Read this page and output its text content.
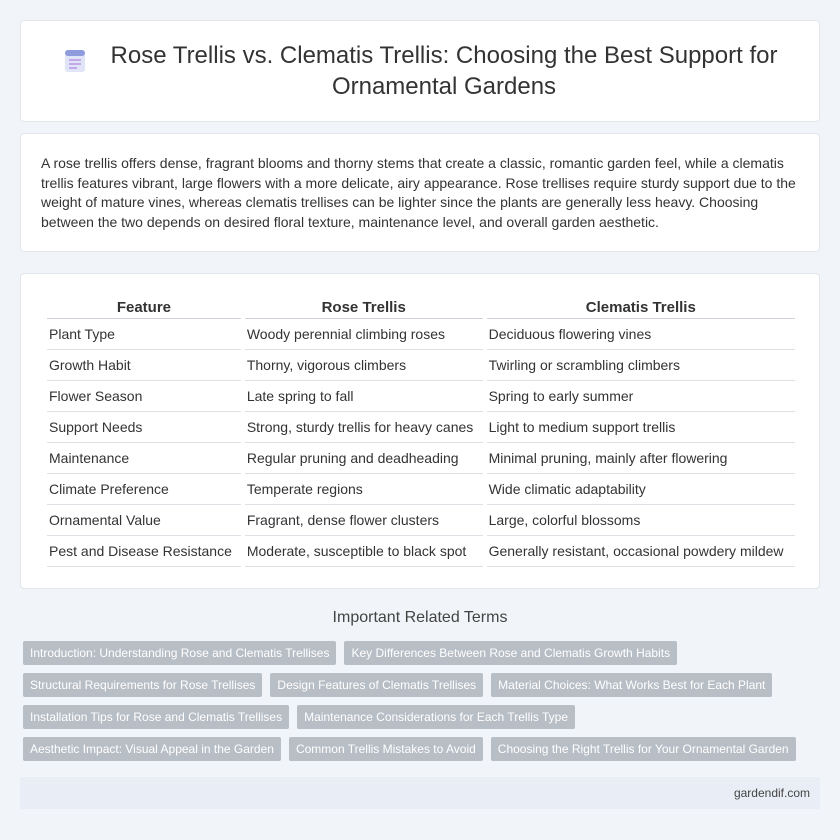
Rose Trellis vs. Clematis Trellis: Choosing the Best Support for Ornamental Gardens

A rose trellis offers dense, fragrant blooms and thorny stems that create a classic, romantic garden feel, while a clematis trellis features vibrant, large flowers with a more delicate, airy appearance. Rose trellises require sturdy support due to the weight of mature vines, whereas clematis trellises can be lighter since the plants are generally less heavy. Choosing between the two depends on desired floral texture, maintenance level, and overall garden aesthetic.

Feature	Rose Trellis	Clematis Trellis
Plant Type	Woody perennial climbing roses	Deciduous flowering vines
Growth Habit	Thorny, vigorous climbers	Twirling or scrambling climbers
Flower Season	Late spring to fall	Spring to early summer
Support Needs	Strong, sturdy trellis for heavy canes	Light to medium support trellis
Maintenance	Regular pruning and deadheading	Minimal pruning, mainly after flowering
Climate Preference	Temperate regions	Wide climatic adaptability
Ornamental Value	Fragrant, dense flower clusters	Large, colorful blossoms
Pest and Disease Resistance	Moderate, susceptible to black spot	Generally resistant, occasional powdery mildew
Important Related Terms
Introduction: Understanding Rose and Clematis Trellises	Key Differences Between Rose and Clematis Growth Habits
Structural Requirements for Rose Trellises	Design Features of Clematis Trellises	Material Choices: What Works Best for Each Plant
Installation Tips for Rose and Clematis Trellises	Maintenance Considerations for Each Trellis Type
Aesthetic Impact: Visual Appeal in the Garden	Common Trellis Mistakes to Avoid	Choosing the Right Trellis for Your Ornamental Garden
gardendif.com
